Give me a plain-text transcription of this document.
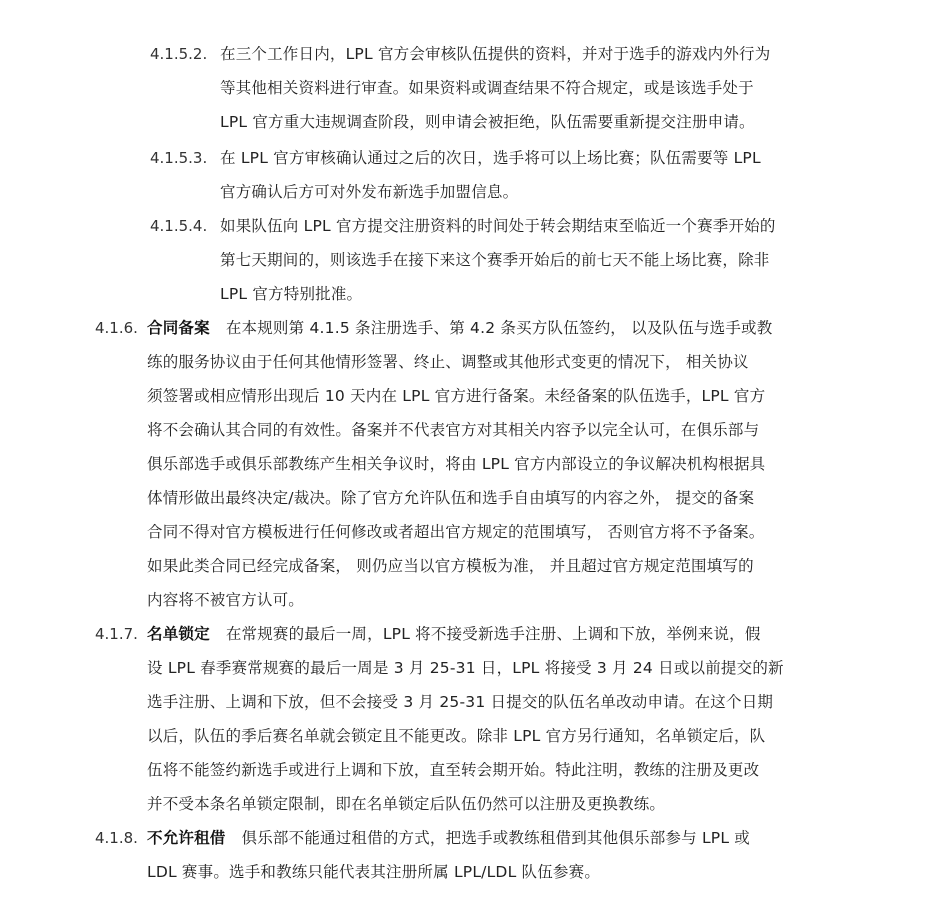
4.1.5.2. 在三个工作日内，LPL 官方会审核队伍提供的资料，并对于选手的游戏内外行为
等其他相关资料进行审查。如果资料或调查结果不符合规定，或是该选手处于
LPL 官方重大违规调查阶段，则申请会被拒绝，队伍需要重新提交注册申请。
4.1.5.3. 在 LPL 官方审核确认通过之后的次日，选手将可以上场比赛；队伍需要等 LPL
官方确认后方可对外发布新选手加盟信息。
4.1.5.4. 如果队伍向 LPL 官方提交注册资料的时间处于转会期结束至临近一个赛季开始的
第七天期间的，则该选手在接下来这个赛季开始后的前七天不能上场比赛，除非
LPL 官方特别批准。
4.1.6. 合同备案 在本规则第 4.1.5 条注册选手、第 4.2 条买方队伍签约， 以及队伍与选手或教
练的服务协议由于任何其他情形签署、终止、调整或其他形式变更的情况下， 相关协议
须签署或相应情形出现后 10 天内在 LPL 官方进行备案。未经备案的队伍选手，LPL 官方
将不会确认其合同的有效性。备案并不代表官方对其相关内容予以完全认可，在俱乐部与
俱乐部选手或俱乐部教练产生相关争议时，将由 LPL 官方内部设立的争议解决机构根据具
体情形做出最终决定/裁决。除了官方允许队伍和选手自由填写的内容之外， 提交的备案
合同不得对官方模板进行任何修改或者超出官方规定的范围填写， 否则官方将不予备案。
如果此类合同已经完成备案， 则仍应当以官方模板为准， 并且超过官方规定范围填写的
内容将不被官方认可。
4.1.7. 名单锁定 在常规赛的最后一周，LPL 将不接受新选手注册、上调和下放，举例来说，假
设 LPL 春季赛常规赛的最后一周是 3 月 25-31 日，LPL 将接受 3 月 24 日或以前提交的新
选手注册、上调和下放，但不会接受 3 月 25-31 日提交的队伍名单改动申请。在这个日期
以后，队伍的季后赛名单就会锁定且不能更改。除非 LPL 官方另行通知，名单锁定后，队
伍将不能签约新选手或进行上调和下放，直至转会期开始。特此注明，教练的注册及更改
并不受本条名单锁定限制，即在名单锁定后队伍仍然可以注册及更换教练。
4.1.8. 不允许租借 俱乐部不能通过租借的方式，把选手或教练租借到其他俱乐部参与 LPL 或
LDL 赛事。选手和教练只能代表其注册所属 LPL/LDL 队伍参赛。
